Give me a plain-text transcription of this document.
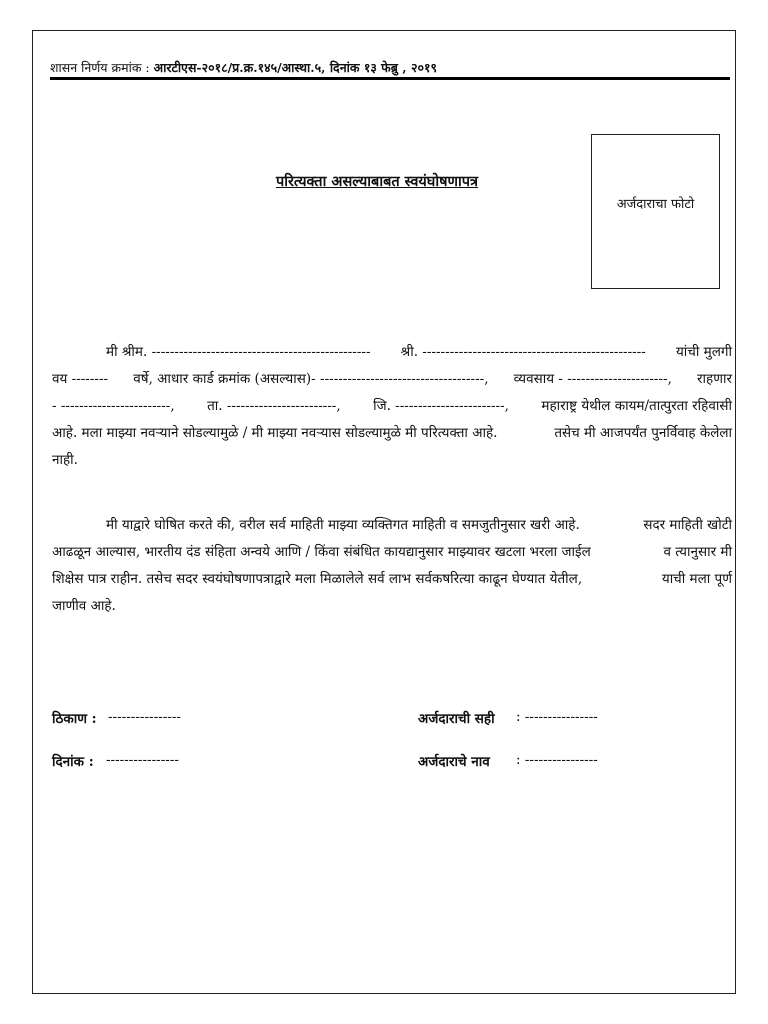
शासन निर्णय क्रमांक : आरटीएस-२०१८/प्र.क्र.१४५/आस्था.५, दिनांक १३ फेब्रु , २०१९
परित्यक्ता असल्याबाबत स्वयंघोषणापत्र
अर्जदाराचा फोटो
मी श्रीम. ------------------------------------------------ श्री. ------------------------------------------------- यांची मुलगी
वय -------- वर्षे, आधार कार्ड क्रमांक (असल्यास)- ------------------------------------, व्यवसाय - ----------------------, राहणार
- ------------------------, ता. ------------------------, जि. ------------------------, महाराष्ट्र येथील कायम/तात्पुरता रहिवासी
आहे. मला माझ्या नवऱ्याने सोडल्यामुळे / मी माझ्या नवऱ्यास सोडल्यामुळे मी परित्यक्ता आहे.	तसेच मी आजपर्यंत पुनर्विवाह केलेला
नाही.
मी याद्वारे घोषित करते की, वरील सर्व माहिती माझ्या व्यक्तिगत माहिती व समजुतीनुसार खरी आहे.	सदर माहिती खोटी
आढळून आल्यास, भारतीय दंड संहिता अन्वये आणि / किंवा संबंधित कायद्यानुसार माझ्यावर खटला भरला जाईल	व त्यानुसार मी
शिक्षेस पात्र राहीन. तसेच सदर स्वयंघोषणापत्राद्वारे मला मिळालेले सर्व लाभ सर्वकषरित्या काढून घेण्यात येतील,	याची मला पूर्ण
जाणीव आहे.
ठिकाण : ----------------
दिनांक : ----------------
अर्जदाराची सही : ----------------
अर्जदाराचे नाव : ----------------
